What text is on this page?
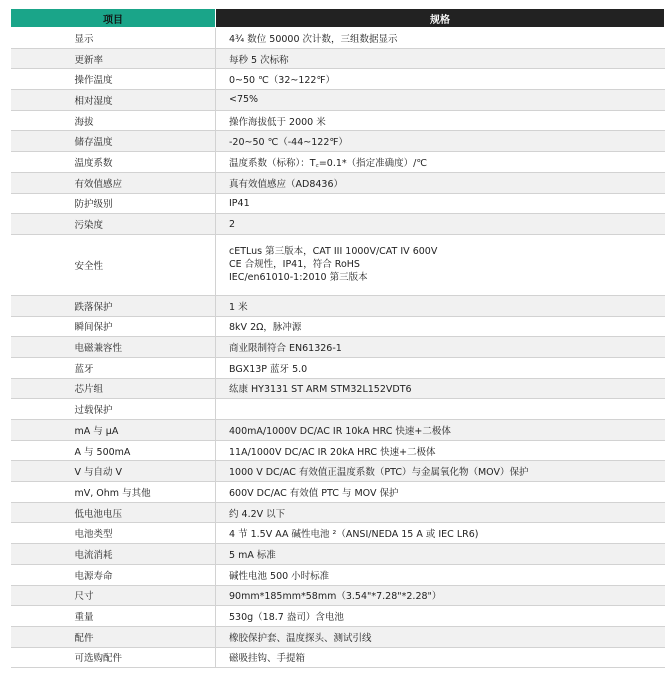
项目	规格
显示	4¾ 数位 50000 次计数，三组数据显示
更新率	每秒 5 次标称
操作温度	0~50 ℃（32~122℉）
相对湿度	<75%
海拔	操作海拔低于 2000 米
储存温度	-20~50 ℃（-44~122℉）
温度系数	温度系数（标称）：T꜀=0.1*（指定准确度）/℃
有效值感应	真有效值感应（AD8436）
防护级别	IP41
污染度	2
安全性	cETLus 第三版本，CAT III 1000V/CAT IV 600V
CE 合规性，IP41，符合 RoHS
IEC/en61010-1:2010 第三版本

跌落保护	1 米
瞬间保护	8kV 2Ω，脉冲源
电磁兼容性	商业限制符合 EN61326-1
蓝牙	BGX13P 蓝牙 5.0
芯片组	纮康 HY3131 ST ARM STM32L152VDT6
过载保护	
mA 与 µA	400mA/1000V DC/AC IR 10kA HRC 快速+二极体
A 与 500mA	11A/1000V DC/AC IR 20kA HRC 快速+二极体
V 与自动 V	1000 V DC/AC 有效值正温度系数（PTC）与金属氧化物（MOV）保护
mV, Ohm 与其他	600V DC/AC 有效值 PTC 与 MOV 保护
低电池电压	约 4.2V 以下
电池类型	4 节 1.5V AA 碱性电池 ²（ANSI/NEDA 15 A 或 IEC LR6)
电流消耗	5 mA 标准
电源寿命	碱性电池 500 小时标准
尺寸	90mm*185mm*58mm（3.54"*7.28"*2.28"）
重量	530g（18.7 盎司）含电池
配件	橡胶保护套、温度探头、测试引线
可选购配件	磁吸挂钩、手提箱
